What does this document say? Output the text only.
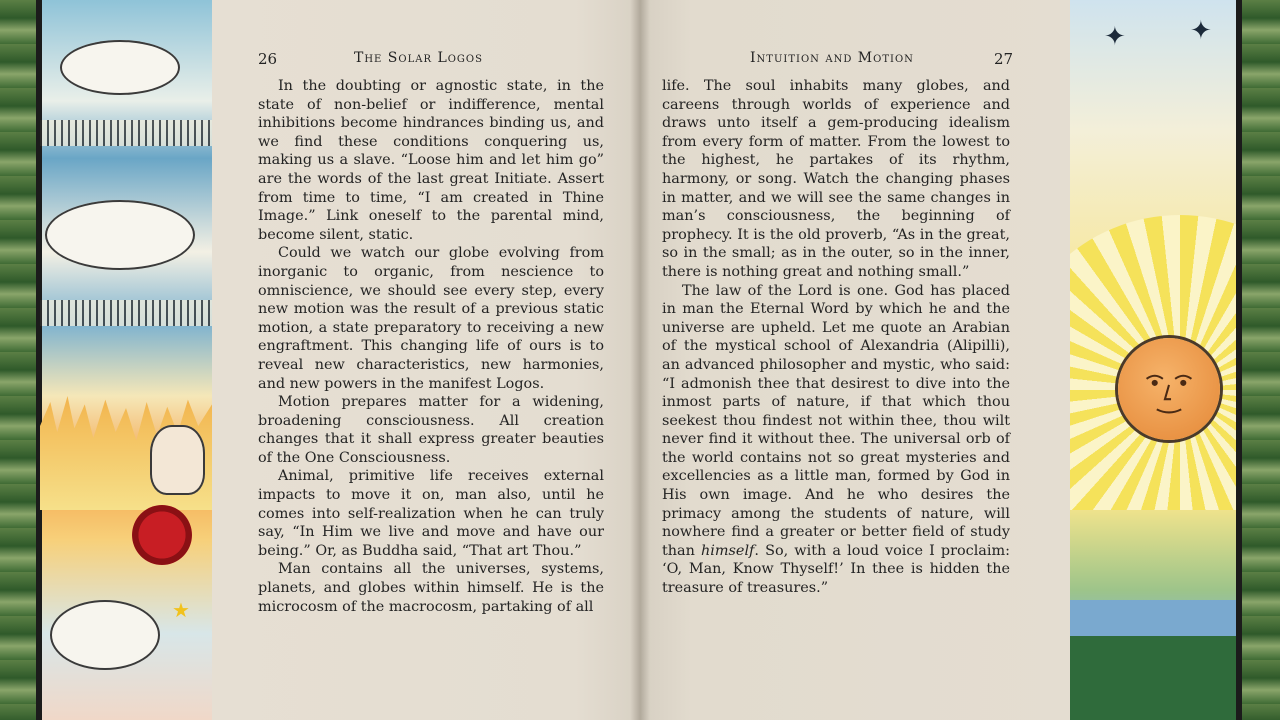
★
26	The Solar Logos

In the doubting or agnostic state, in the state of non-belief or indifference, mental inhibitions become hindrances binding us, and we find these conditions conquering us, making us a slave. “Loose him and let him go” are the words of the last great Initiate. Assert from time to time, “I am created in Thine Image.” Link oneself to the parental mind, become silent, static.

Could we watch our globe evolving from inorganic to organic, from nescience to omniscience, we should see every step, every new motion was the result of a previous static motion, a state preparatory to receiving a new engraftment. This changing life of ours is to reveal new characteristics, new harmonies, and new powers in the manifest Logos.

Motion prepares matter for a widening, broadening consciousness. All creation changes that it shall express greater beauties of the One Consciousness.

Animal, primitive life receives external impacts to move it on, man also, until he comes into self-realization when he can truly say, “In Him we live and move and have our being.” Or, as Buddha said, “That art Thou.”

Man contains all the universes, systems, planets, and globes within himself. He is the microcosm of the macrocosm, partaking of all

Intuition and Motion	27

life. The soul inhabits many globes, and careens through worlds of experience and draws unto itself a gem-producing idealism from every form of matter. From the lowest to the highest, he partakes of its rhythm, harmony, or song. Watch the changing phases in matter, and we will see the same changes in man’s consciousness, the beginning of prophecy. It is the old proverb, “As in the great, so in the small; as in the outer, so in the inner, there is nothing great and nothing small.”

The law of the Lord is one. God has placed in man the Eternal Word by which he and the universe are upheld. Let me quote an Arabian of the mystical school of Alexandria (Alipilli), an advanced philosopher and mystic, who said: “I admonish thee that desirest to dive into the inmost parts of nature, if that which thou seekest thou findest not within thee, thou wilt never find it without thee. The universal orb of the world contains not so great mysteries and excellencies as a little man, formed by God in His own image. And he who desires the primacy among the students of nature, will nowhere find a greater or better field of study than himself. So, with a loud voice I proclaim: ‘O, Man, Know Thyself!’ In thee is hidden the treasure of treasures.”

✦ ✦
